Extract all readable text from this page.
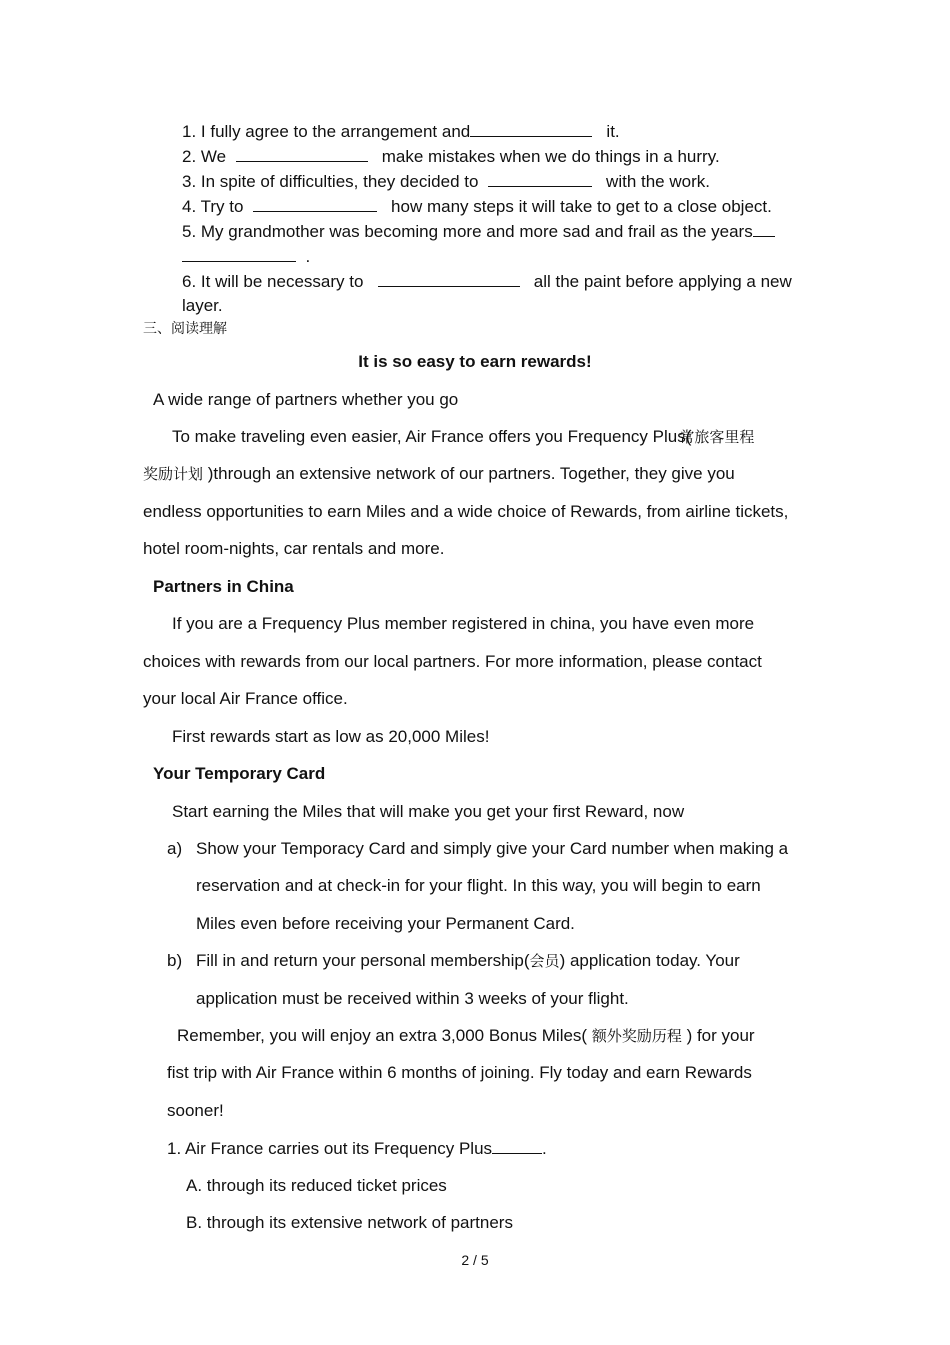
1. I fully agree to the arrangement and	it.
2. We	make mistakes when we do things in a hurry.
3. In spite of difficulties, they decided to	with the work.
4. Try to	how many steps it will take to get to a close object.
5. My grandmother was becoming more and more sad and frail as the years
.
6. It will be necessary to	all the paint before applying a new
layer.
三、阅读理解
It is so easy to earn rewards!
A wide range of partners whether you go
To make traveling even easier, Air France offers you Frequency Plus(常旅客里程
奖励计划 )through an extensive network of our partners. Together, they give you
endless opportunities to earn Miles and a wide choice of Rewards, from airline tickets,
hotel room-nights, car rentals and more.
Partners in China
If you are a Frequency Plus member registered in china, you have even more
choices with rewards from our local partners. For more information, please contact
your local Air France office.
First rewards start as low as 20,000 Miles!
Your Temporary Card
Start earning the Miles that will make you get your first Reward, now
a) Show your Temporacy Card and simply give your Card number when making a
reservation and at check-in for your flight. In this way, you will begin to earn
Miles even before receiving your Permanent Card.
b) Fill in and return your personal membership(会员) application today. Your
application must be received within 3 weeks of your flight.
Remember, you will enjoy an extra 3,000 Bonus Miles( 额外奖励历程 ) for your
fist trip with Air France within 6 months of joining. Fly today and earn Rewards
sooner!
1. Air France carries out its Frequency Plus	.
A. through its reduced ticket prices
B. through its extensive network of partners
2 / 5
